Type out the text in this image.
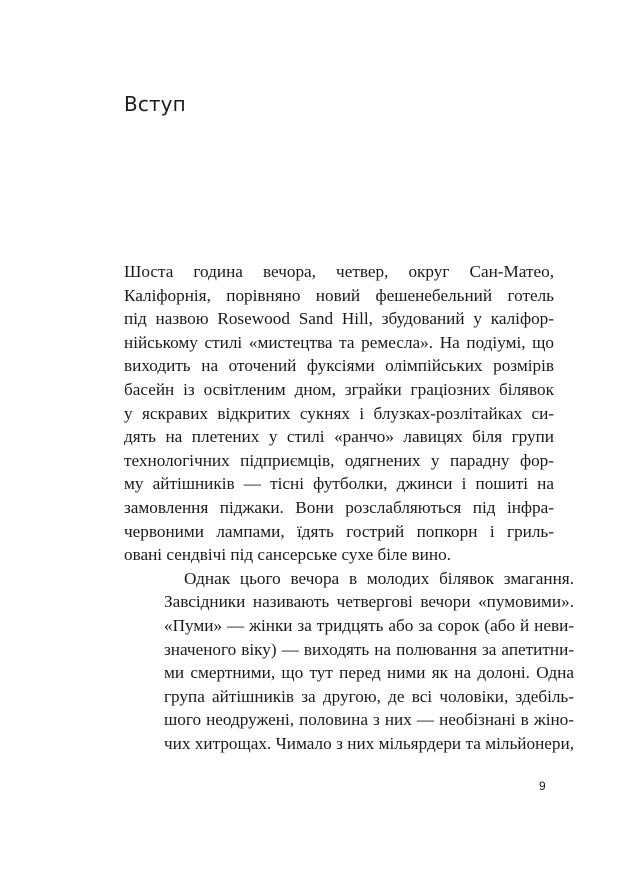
Вступ

Шоста година вечора, четвер, округ Сан-Матео,
Каліфорнія, порівняно новий фешенебельний готель
під назвою Rosewood Sand Hill, збудований у каліфор-
нійському стилі «мистецтва та ремесла». На подіумі, що
виходить на оточений фуксіями олімпійських розмірів
басейн із освітленим дном, зграйки граціозних білявок
у яскравих відкритих сукнях і блузках-розлітайках си-
дять на плетених у стилі «ранчо» лавицях біля групи
технологічних підприємців, одягнених у парадну фор-
му айтішників — тісні футболки, джинси і пошиті на
замовлення піджаки. Вони розслабляються під інфра-
червоними лампами, їдять гострий попкорн і гриль-
овані сендвічі під сансерське сухе біле вино.

Однак цього вечора в молодих білявок змагання.
Завсідники називають четвергові вечори «пумовими».
«Пуми» — жінки за тридцять або за сорок (або й неви-
значеного віку) — виходять на полювання за апетитни-
ми смертними, що тут перед ними як на долоні. Одна
група айтішників за другою, де всі чоловіки, здебіль-
шого неодружені, половина з них — необізнані в жіно-
чих хитрощах. Чимало з них мільярдери та мільйонери,

9
